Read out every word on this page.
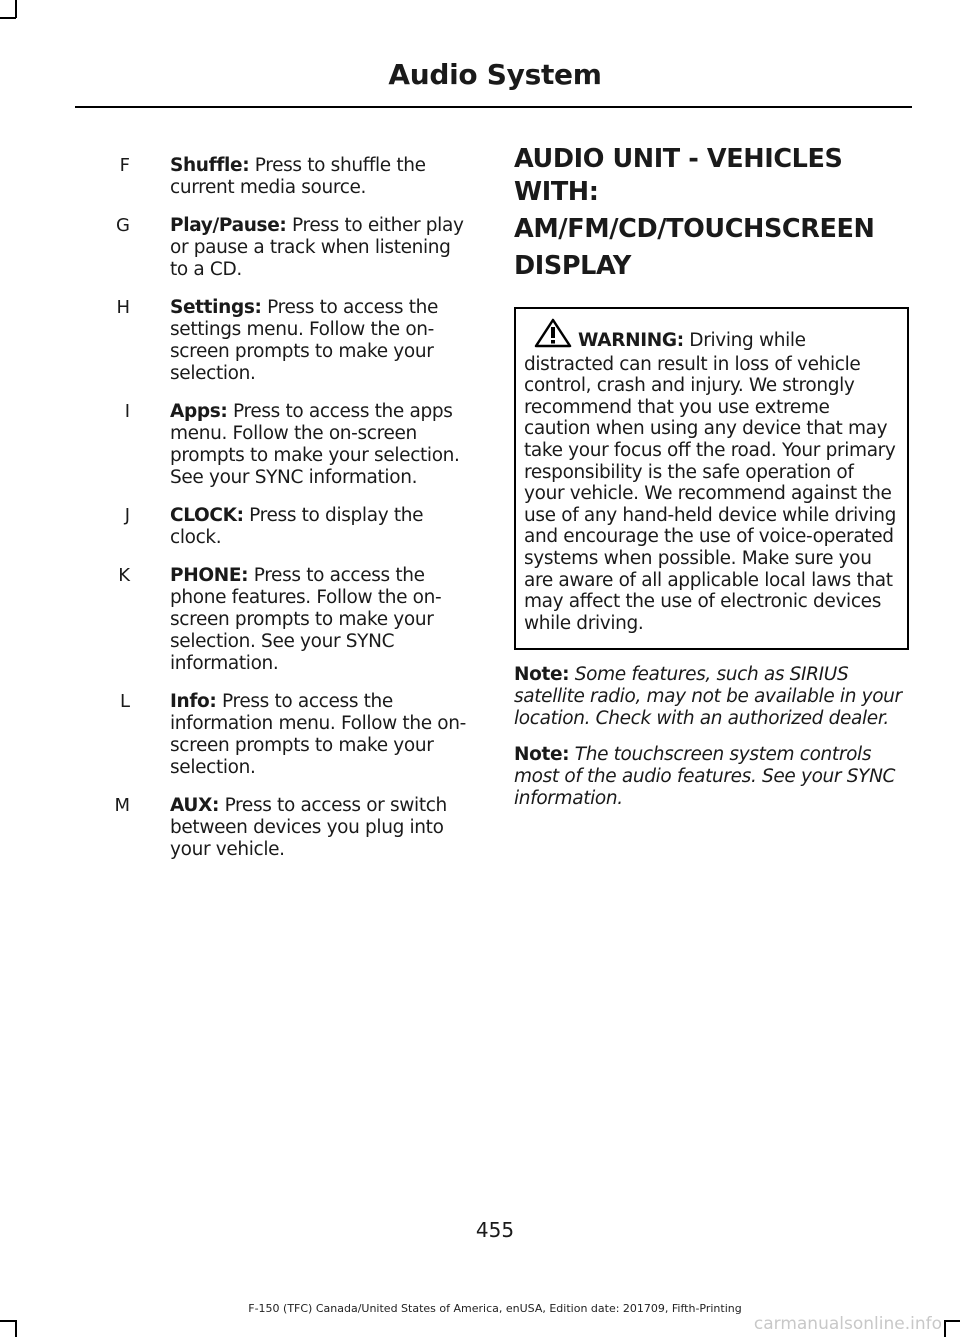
Audio System
F Shuffle: Press to shuffle the current media source.
G Play/Pause: Press to either play or pause a track when listening to a CD.
H Settings: Press to access the settings menu. Follow the on-screen prompts to make your selection.
I Apps: Press to access the apps menu. Follow the on-screen prompts to make your selection. See your SYNC information.
J CLOCK: Press to display the clock.
K PHONE: Press to access the phone features. Follow the on-screen prompts to make your selection. See your SYNC information.
L Info: Press to access the information menu. Follow the on-screen prompts to make your selection.
M AUX: Press to access or switch between devices you plug into your vehicle.
AUDIO UNIT - VEHICLES WITH:
AM/FM/CD/TOUCHSCREEN
DISPLAY
WARNING: Driving while distracted can result in loss of vehicle control, crash and injury. We strongly recommend that you use extreme caution when using any device that may take your focus off the road. Your primary responsibility is the safe operation of your vehicle. We recommend against the use of any hand-held device while driving and encourage the use of voice-operated systems when possible. Make sure you are aware of all applicable local laws that may affect the use of electronic devices while driving.
Note: Some features, such as SIRIUS satellite radio, may not be available in your location. Check with an authorized dealer.
Note: The touchscreen system controls most of the audio features. See your SYNC information.
455
F-150 (TFC) Canada/United States of America, enUSA, Edition date: 201709, Fifth-Printing
carmanualsonline.info
